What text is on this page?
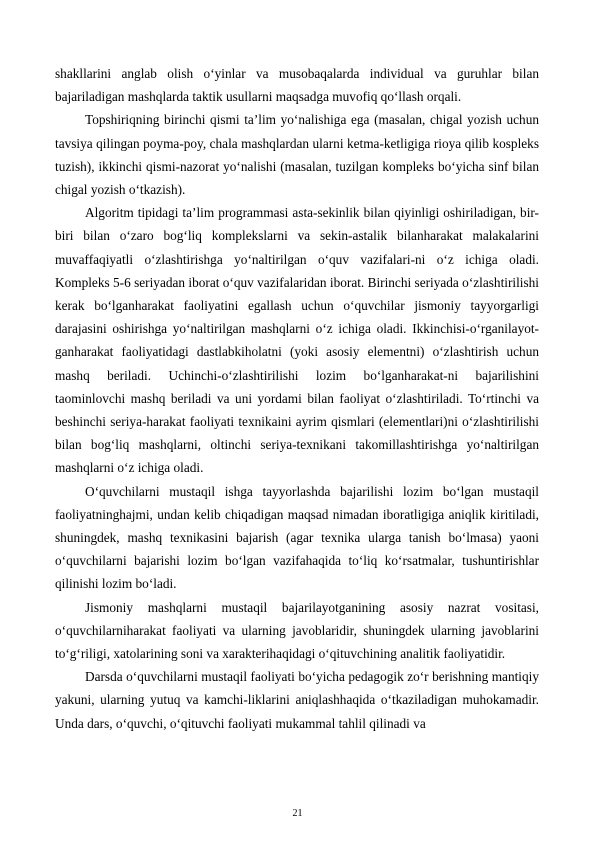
shakllarini anglab olish o‘yinlar va musobaqalarda individual va guruhlar bilan bajariladigan mashqlarda taktik usullarni maqsadga muvofiq qo‘llash orqali.

Topshiriqning birinchi qismi ta’lim yo‘nalishiga ega (masalan, chigal yozish uchun tavsiya qilingan poyma-poy, chala mashqlardan ularni ketma-ketligiga rioya qilib kospleks tuzish), ikkinchi qismi-nazorat yo‘nalishi (masalan, tuzilgan kompleks bo‘yicha sinf bilan chigal yozish o‘tkazish).

Algoritm tipidagi ta’lim programmasi asta-sekinlik bilan qiyinligi oshiriladigan, bir-biri bilan o‘zaro bog‘liq komplekslarni va sekin-astalik bilanharakat malakalarini muvaffaqiyatli o‘zlashtirishga yo‘naltirilgan o‘quv vazifalari-ni o‘z ichiga oladi. Kompleks 5-6 seriyadan iborat o‘quv vazifalaridan iborat. Birinchi seriyada o‘zlashtirilishi kerak bo‘lganharakat faoliyatini egallash uchun o‘quvchilar jismoniy tayyorgarligi darajasini oshirishga yo‘naltirilgan mashqlarni o‘z ichiga oladi. Ikkinchisi-o‘rganilayot-ganharakat faoliyatidagi dastlabkiholatni (yoki asosiy elementni) o‘zlashtirish uchun mashq beriladi. Uchinchi-o‘zlashtirilishi lozim bo‘lganharakat-ni bajarilishini taominlovchi mashq beriladi va uni yordami bilan faoliyat o‘zlashtiriladi. To‘rtinchi va beshinchi seriya-harakat faoliyati texnikaini ayrim qismlari (elementlari)ni o‘zlashtirilishi bilan bog‘liq mashqlarni, oltinchi seriya-texnikani takomillashtirishga yo‘naltirilgan mashqlarni o‘z ichiga oladi.

O‘quvchilarni mustaqil ishga tayyorlashda bajarilishi lozim bo‘lgan mustaqil faoliyatninghajmi, undan kelib chiqadigan maqsad nimadan iboratligiga aniqlik kiritiladi, shuningdek, mashq texnikasini bajarish (agar texnika ularga tanish bo‘lmasa) yaoni o‘quvchilarni bajarishi lozim bo‘lgan vazifahaqida to‘liq ko‘rsatmalar, tushuntirishlar qilinishi lozim bo‘ladi.

Jismoniy mashqlarni mustaqil bajarilayotganining asosiy nazrat vositasi, o‘quvchilarniharakat faoliyati va ularning javoblaridir, shuningdek ularning javoblarini to‘g‘riligi, xatolarining soni va xarakterihaqidagi o‘qituvchining analitik faoliyatidir.

Darsda o‘quvchilarni mustaqil faoliyati bo‘yicha pedagogik zo‘r berishning mantiqiy yakuni, ularning yutuq va kamchi-liklarini aniqlashhaqida o‘tkaziladigan muhokamadir. Unda dars, o‘quvchi, o‘qituvchi faoliyati mukammal tahlil qilinadi va

21
